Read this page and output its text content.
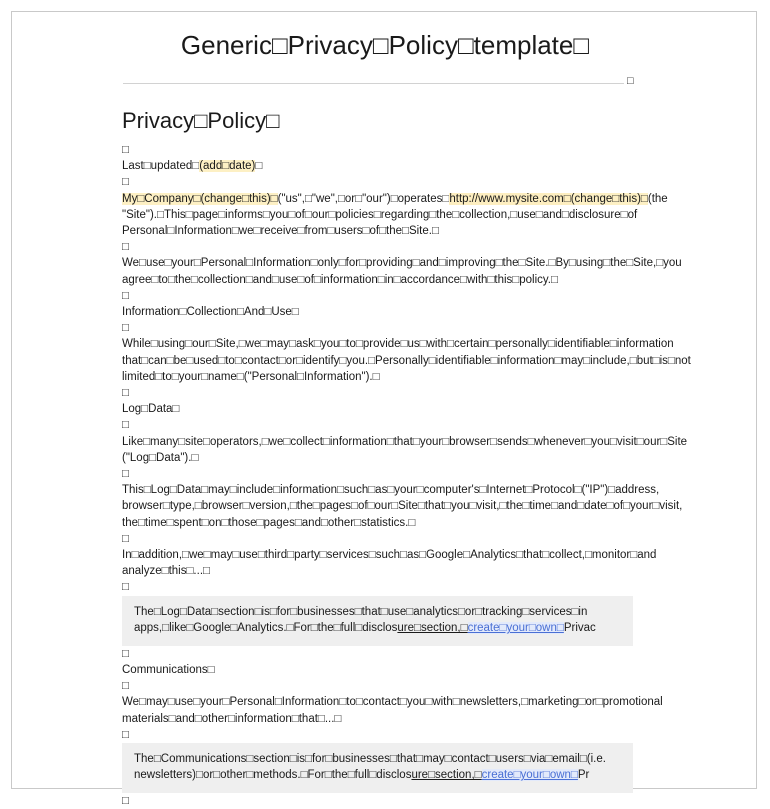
Generic□Privacy□Policy□template□
□
Privacy□Policy□
□
Last□updated□(add□date)□
□
My□Company□(change□this)□("us",□"we",□or□"our")□operates□http://www.mysite.com□(change□this)□(the
"Site").□This□page□informs□you□of□our□policies□regarding□the□collection,□use□and□disclosure□of
Personal□Information□we□receive□from□users□of□the□Site.□
□
We□use□your□Personal□Information□only□for□providing□and□improving□the□Site.□By□using□the□Site,□you
agree□to□the□collection□and□use□of□information□in□accordance□with□this□policy.□
□
Information□Collection□And□Use□
□
While□using□our□Site,□we□may□ask□you□to□provide□us□with□certain□personally□identifiable□information
that□can□be□used□to□contact□or□identify□you.□Personally□identifiable□information□may□include,□but□is□not
limited□to□your□name□("Personal□Information").□
□
Log□Data□
□
Like□many□site□operators,□we□collect□information□that□your□browser□sends□whenever□you□visit□our□Site
("Log□Data").□
□
This□Log□Data□may□include□information□such□as□your□computer's□Internet□Protocol□("IP")□address,
browser□type,□browser□version,□the□pages□of□our□Site□that□you□visit,□the□time□and□date□of□your□visit,
the□time□spent□on□those□pages□and□other□statistics.□
□
In□addition,□we□may□use□third□party□services□such□as□Google□Analytics□that□collect,□monitor□and
analyze□this□...□
□
The□Log□Data□section□is□for□businesses□that□use□analytics□or□tracking□services□in
apps,□like□Google□Analytics.□For□the□full□disclosure□section,□create□your□own□Privac
□
Communications□
□
We□may□use□your□Personal□Information□to□contact□you□with□newsletters,□marketing□or□promotional
materials□and□other□information□that□...□
□
The□Communications□section□is□for□businesses□that□may□contact□users□via□email□(i.e.
newsletters)□or□other□methods.□For□the□full□disclosure□section,□create□your□own□Pr
□
